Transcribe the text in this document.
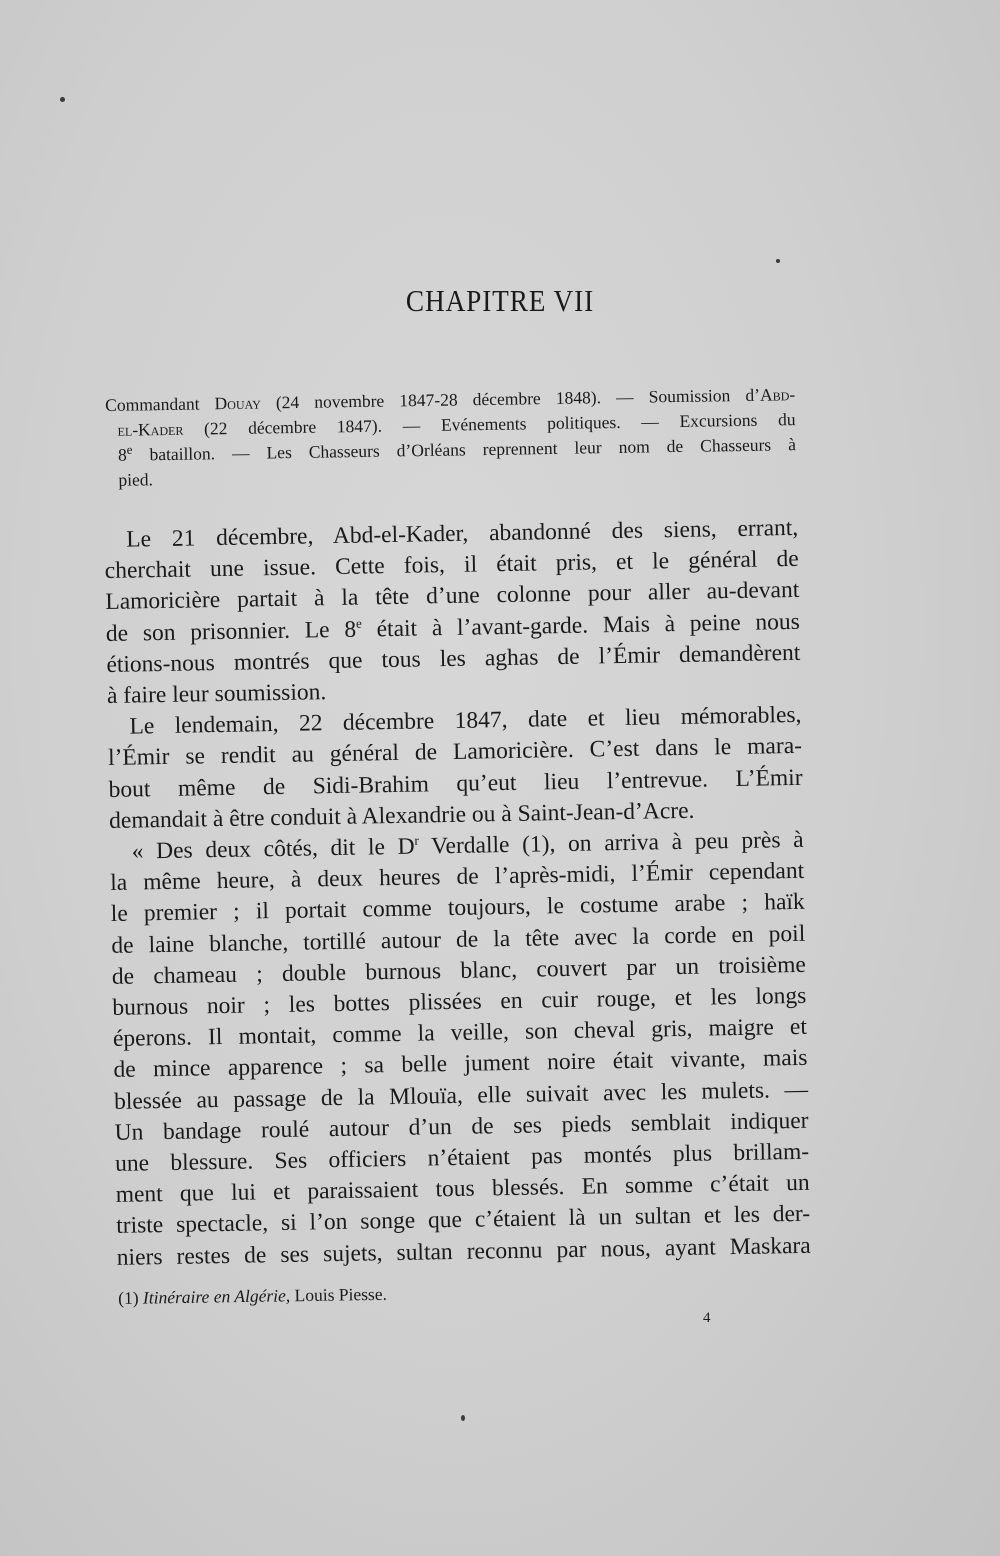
CHAPITRE VII
Commandant Douay (24 novembre 1847-28 décembre 1848). — Soumission d’Abd-
el-Kader (22 décembre 1847). — Evénements politiques. — Excursions du
8e bataillon. — Les Chasseurs d’Orléans reprennent leur nom de Chasseurs à
pied.
Le 21 décembre, Abd-el-Kader, abandonné des siens, errant,
cherchait une issue. Cette fois, il était pris, et le général de
Lamoricière partait à la tête d’une colonne pour aller au-devant
de son prisonnier. Le 8e était à l’avant-garde. Mais à peine nous
étions-nous montrés que tous les aghas de l’Émir demandèrent
à faire leur soumission.
Le lendemain, 22 décembre 1847, date et lieu mémorables,
l’Émir se rendit au général de Lamoricière. C’est dans le mara-
bout même de Sidi-Brahim qu’eut lieu l’entrevue. L’Émir
demandait à être conduit à Alexandrie ou à Saint-Jean-d’Acre.
« Des deux côtés, dit le $D^r$ Verdalle (1), on arriva à peu près à
la même heure, à deux heures de l’après-midi, l’Émir cependant
le premier ; il portait comme toujours, le costume arabe ; haïk
de laine blanche, tortillé autour de la tête avec la corde en poil
de chameau ; double burnous blanc, couvert par un troisième
burnous noir ; les bottes plissées en cuir rouge, et les longs
éperons. Il montait, comme la veille, son cheval gris, maigre et
de mince apparence ; sa belle jument noire était vivante, mais
blessée au passage de la Mlouïa, elle suivait avec les mulets. —
Un bandage roulé autour d’un de ses pieds semblait indiquer
une blessure. Ses officiers n’étaient pas montés plus brillam-
ment que lui et paraissaient tous blessés. En somme c’était un
triste spectacle, si l’on songe que c’étaient là un sultan et les der-
niers restes de ses sujets, sultan reconnu par nous, ayant Maskara

(1) Itinéraire en Algérie, Louis Piesse.

4
